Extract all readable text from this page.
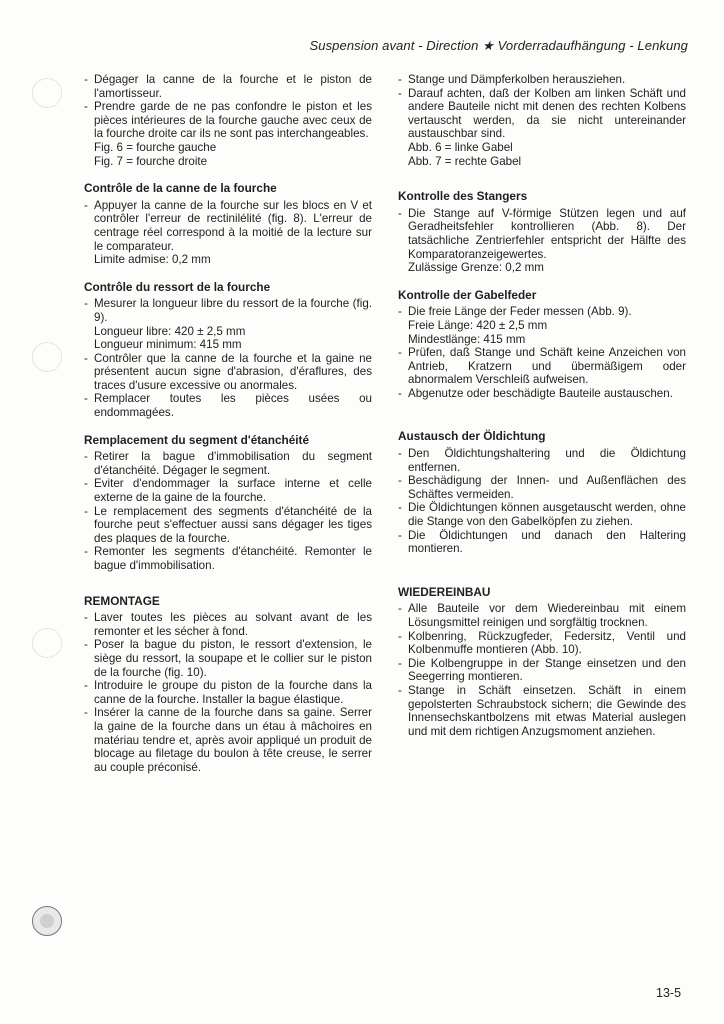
Suspension avant - Direction ★ Vorderradaufhängung - Lenkung
- Dégager la canne de la fourche et le piston de l'amortisseur.
- Prendre garde de ne pas confondre le piston et les pièces intérieures de la fourche gauche avec ceux de la fourche droite car ils ne sont pas interchangeables.
Fig. 6 = fourche gauche
Fig. 7 = fourche droite
Contrôle de la canne de la fourche
- Appuyer la canne de la fourche sur les blocs en V et contrôler l'erreur de rectinilélité (fig. 8). L'erreur de centrage réel correspond à la moitié de la lecture sur le comparateur.
Limite admise: 0,2 mm
Contrôle du ressort de la fourche
- Mesurer la longueur libre du ressort de la fourche (fig. 9).
Longueur libre: 420 ± 2,5 mm
Longueur minimum: 415 mm
- Contrôler que la canne de la fourche et la gaine ne présentent aucun signe d'abrasion, d'éraflures, des traces d'usure excessive ou anormales.
- Remplacer toutes les pièces usées ou endommagées.
Remplacement du segment d'étanchéité
- Retirer la bague d'immobilisation du segment d'étanchéité. Dégager le segment.
- Eviter d'endommager la surface interne et celle externe de la gaine de la fourche.
- Le remplacement des segments d'étanchéité de la fourche peut s'effectuer aussi sans dégager les tiges des plaques de la fourche.
- Remonter les segments d'étanchéité. Remonter le bague d'immobilisation.
REMONTAGE
- Laver toutes les pièces au solvant avant de les remonter et les sécher à fond.
- Poser la bague du piston, le ressort d'extension, le siège du ressort, la soupape et le collier sur le piston de la fourche (fig. 10).
- Introduire le groupe du piston de la fourche dans la canne de la fourche. Installer la bague élastique.
- Insérer la canne de la fourche dans sa gaine. Serrer la gaine de la fourche dans un étau à mâchoires en matériau tendre et, après avoir appliqué un produit de blocage au filetage du boulon à tête creuse, le serrer au couple préconisé.
- Stange und Dämpferkolben herausziehen.
- Darauf achten, daß der Kolben am linken Schäft und andere Bauteile nicht mit denen des rechten Kolbens vertauscht werden, da sie nicht untereinander austauschbar sind.
Abb. 6 = linke Gabel
Abb. 7 = rechte Gabel
Kontrolle des Stangers
- Die Stange auf V-förmige Stützen legen und auf Geradheitsfehler kontrollieren (Abb. 8). Der tatsächliche Zentrierfehler entspricht der Hälfte des Komparatoranzeigewertes.
Zulässige Grenze: 0,2 mm
Kontrolle der Gabelfeder
- Die freie Länge der Feder messen (Abb. 9).
Freie Länge: 420 ± 2,5 mm
Mindestlänge: 415 mm
- Prüfen, daß Stange und Schäft keine Anzeichen von Antrieb, Kratzern und übermäßigem oder abnormalem Verschleiß aufweisen.
- Abgenutze oder beschädigte Bauteile austauschen.
Austausch der Öldichtung
- Den Öldichtungshaltering und die Öldichtung entfernen.
- Beschädigung der Innen- und Außenflächen des Schäftes vermeiden.
- Die Öldichtungen können ausgetauscht werden, ohne die Stange von den Gabelköpfen zu ziehen.
- Die Öldichtungen und danach den Haltering montieren.
WIEDEREINBAU
- Alle Bauteile vor dem Wiedereinbau mit einem Lösungsmittel reinigen und sorgfältig trocknen.
- Kolbenring, Rückzugfeder, Federsitz, Ventil und Kolbenmuffe montieren (Abb. 10).
- Die Kolbengruppe in der Stange einsetzen und den Seegerring montieren.
- Stange in Schäft einsetzen. Schäft in einem gepolsterten Schraubstock sichern; die Gewinde des Innensechskantbolzens mit etwas Material auslegen und mit dem richtigen Anzugsmoment anziehen.
13-5
